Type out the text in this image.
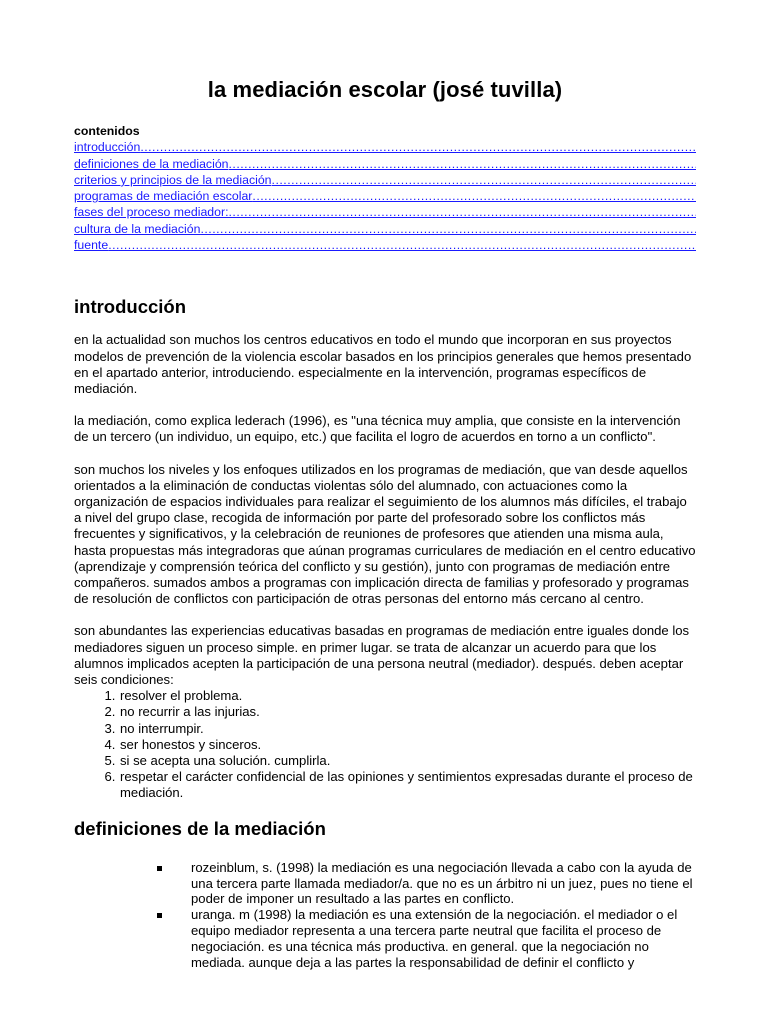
la mediación escolar (josé tuvilla)
contenidos
introducción
.....
definiciones de la mediación
.....
criterios y principios de la mediación
.....
programas de mediación escolar
.....
fases del proceso mediador:
.....
cultura de la mediación
.....
fuente
.....
introducción

en la actualidad son muchos los centros educativos en todo el mundo que incorporan en sus proyectos modelos de prevención de la violencia escolar basados en los principios generales que hemos presentado en el apartado anterior, introduciendo. especialmente en la intervención, programas específicos de mediación.

la mediación, como explica lederach (1996), es "una técnica muy amplia, que consiste en la intervención de un tercero (un individuo, un equipo, etc.) que facilita el logro de acuerdos en torno a un conflicto".

son muchos los niveles y los enfoques utilizados en los programas de mediación, que van desde aquellos orientados a la eliminación de conductas violentas sólo del alumnado, con actuaciones como la organización de espacios individuales para realizar el seguimiento de los alumnos más difíciles, el trabajo a nivel del grupo clase, recogida de información por parte del profesorado sobre los conflictos más frecuentes y significativos, y la celebración de reuniones de profesores que atienden una misma aula, hasta propuestas más integradoras que aúnan programas curriculares de mediación en el centro educativo (aprendizaje y comprensión teórica del conflicto y su gestión), junto con programas de mediación entre compañeros. sumados ambos a programas con implicación directa de familias y profesorado y programas de resolución de conflictos con participación de otras personas del entorno más cercano al centro.

son abundantes las experiencias educativas basadas en programas de mediación entre iguales donde los mediadores siguen un proceso simple. en primer lugar. se trata de alcanzar un acuerdo para que los alumnos implicados acepten la participación de una persona neutral (mediador). después. deben aceptar seis condiciones:

1. resolver el problema.
2. no recurrir a las injurias.
3. no interrumpir.
4. ser honestos y sinceros.
5. si se acepta una solución. cumplirla.
6. respetar el carácter confidencial de las opiniones y sentimientos expresadas durante el proceso de mediación.
definiciones de la mediación
rozeinblum, s. (1998) la mediación es una negociación llevada a cabo con la ayuda de una tercera parte llamada mediador/a. que no es un árbitro ni un juez, pues no tiene el poder de imponer un resultado a las partes en conflicto.
uranga. m (1998) la mediación es una extensión de la negociación. el mediador o el equipo mediador representa a una tercera parte neutral que facilita el proceso de negociación. es una técnica más productiva. en general. que la negociación no mediada. aunque deja a las partes la responsabilidad de definir el conflicto y
